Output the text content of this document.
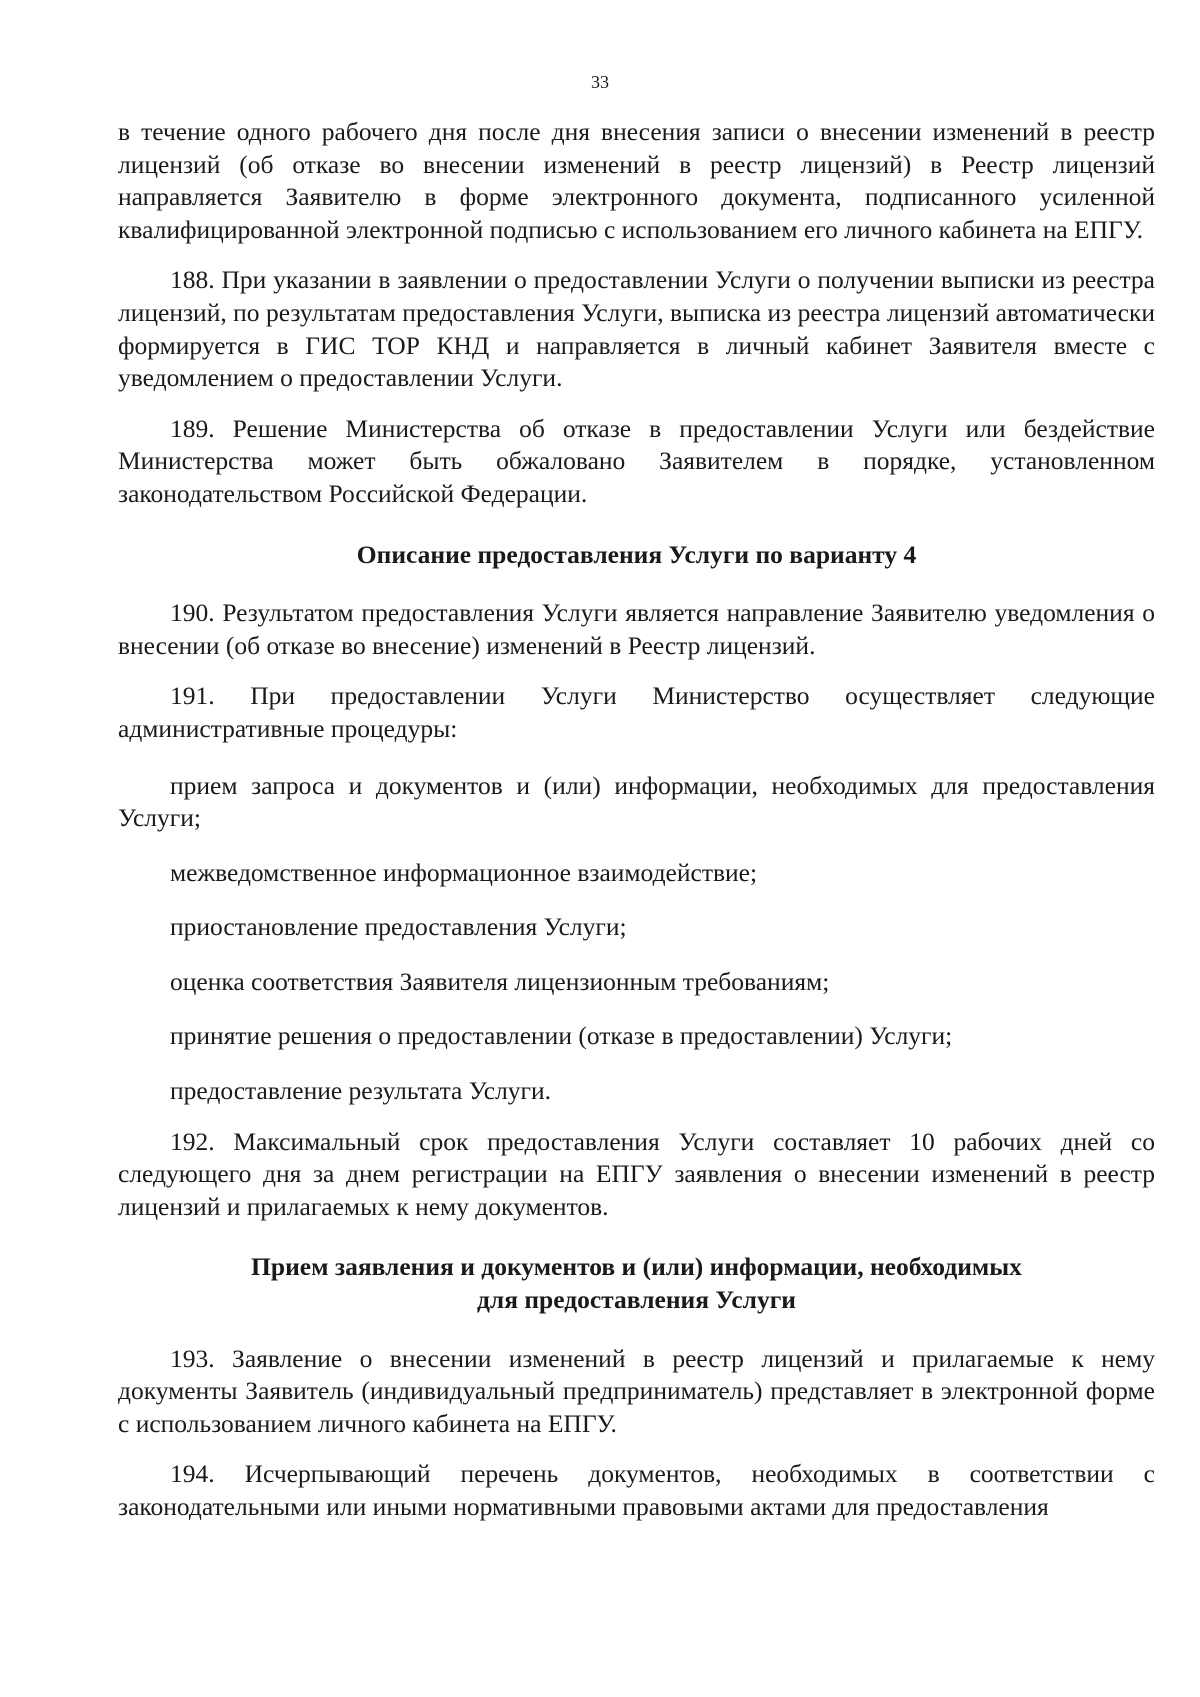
33

в течение одного рабочего дня после дня внесения записи о внесении изменений в реестр лицензий (об отказе во внесении изменений в реестр лицензий) в Реестр лицензий направляется Заявителю в форме электронного документа, подписанного усиленной квалифицированной электронной подписью с использованием его личного кабинета на ЕПГУ.

188. При указании в заявлении о предоставлении Услуги о получении выписки из реестра лицензий, по результатам предоставления Услуги, выписка из реестра лицензий автоматически формируется в ГИС ТОР КНД и направляется в личный кабинет Заявителя вместе с уведомлением о предоставлении Услуги.

189. Решение Министерства об отказе в предоставлении Услуги или бездействие Министерства может быть обжаловано Заявителем в порядке, установленном законодательством Российской Федерации.

Описание предоставления Услуги по варианту 4

190. Результатом предоставления Услуги является направление Заявителю уведомления о внесении (об отказе во внесение) изменений в Реестр лицензий.

191. При предоставлении Услуги Министерство осуществляет следующие административные процедуры:

прием запроса и документов и (или) информации, необходимых для предоставления Услуги;

межведомственное информационное взаимодействие;

приостановление предоставления Услуги;

оценка соответствия Заявителя лицензионным требованиям;

принятие решения о предоставлении (отказе в предоставлении) Услуги;

предоставление результата Услуги.

192. Максимальный срок предоставления Услуги составляет 10 рабочих дней со следующего дня за днем регистрации на ЕПГУ заявления о внесении изменений в реестр лицензий и прилагаемых к нему документов.

Прием заявления и документов и (или) информации, необходимых
для предоставления Услуги

193. Заявление о внесении изменений в реестр лицензий и прилагаемые к нему документы Заявитель (индивидуальный предприниматель) представляет в электронной форме с использованием личного кабинета на ЕПГУ.

194. Исчерпывающий перечень документов, необходимых в соответствии с законодательными или иными нормативными правовыми актами для предоставления
